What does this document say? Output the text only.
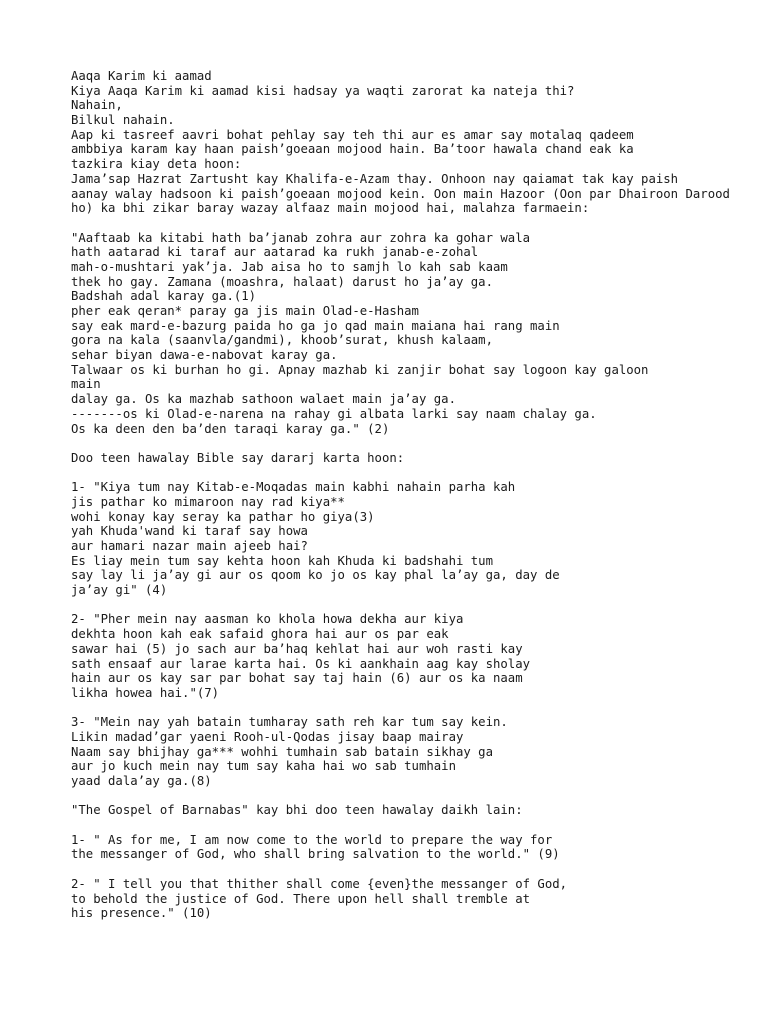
Aaqa Karim ki aamad
Kiya Aaqa Karim ki aamad kisi hadsay ya waqti zarorat ka nateja thi?
Nahain,
Bilkul nahain.
Aap ki tasreef aavri bohat pehlay say teh thi aur es amar say motalaq qadeem
ambbiya karam kay haan paish’goeaan mojood hain. Ba’toor hawala chand eak ka
tazkira kiay deta hoon:
Jama’sap Hazrat Zartusht kay Khalifa-e-Azam thay. Onhoon nay qaiamat tak kay paish
aanay walay hadsoon ki paish’goeaan mojood kein. Oon main Hazoor (Oon par Dhairoon Darood
ho) ka bhi zikar baray wazay alfaaz main mojood hai, malahza farmaein:
"Aaftaab ka kitabi hath ba’janab zohra aur zohra ka gohar wala
hath aatarad ki taraf aur aatarad ka rukh janab-e-zohal
mah-o-mushtari yak’ja. Jab aisa ho to samjh lo kah sab kaam
thek ho gay. Zamana (moashra, halaat) darust ho ja’ay ga.
Badshah adal karay ga.(1)
pher eak qeran* paray ga jis main Olad-e-Hasham
say eak mard-e-bazurg paida ho ga jo qad main maiana hai rang main
gora na kala (saanvla/gandmi), khoob’surat, khush kalaam,
sehar biyan dawa-e-nabovat karay ga.
Talwaar os ki burhan ho gi. Apnay mazhab ki zanjir bohat say logoon kay galoon
main
dalay ga. Os ka mazhab sathoon walaet main ja’ay ga.
-------os ki Olad-e-narena na rahay gi albata larki say naam chalay ga.
Os ka deen den ba’den taraqi karay ga." (2)
Doo teen hawalay Bible say dararj karta hoon:
1- "Kiya tum nay Kitab-e-Moqadas main kabhi nahain parha kah
jis pathar ko mimaroon nay rad kiya**
wohi konay kay seray ka pathar ho giya(3)
yah Khuda'wand ki taraf say howa
aur hamari nazar main ajeeb hai?
Es liay mein tum say kehta hoon kah Khuda ki badshahi tum
say lay li ja’ay gi aur os qoom ko jo os kay phal la’ay ga, day de
ja’ay gi" (4)
2- "Pher mein nay aasman ko khola howa dekha aur kiya
dekhta hoon kah eak safaid ghora hai aur os par eak
sawar hai (5) jo sach aur ba’haq kehlat hai aur woh rasti kay
sath ensaaf aur larae karta hai. Os ki aankhain aag kay sholay
hain aur os kay sar par bohat say taj hain (6) aur os ka naam
likha howea hai."(7)
3- "Mein nay yah batain tumharay sath reh kar tum say kein.
Likin madad’gar yaeni Rooh-ul-Qodas jisay baap mairay
Naam say bhijhay ga*** wohhi tumhain sab batain sikhay ga
aur jo kuch mein nay tum say kaha hai wo sab tumhain
yaad dala’ay ga.(8)
"The Gospel of Barnabas" kay bhi doo teen hawalay daikh lain:
1- " As for me, I am now come to the world to prepare the way for
the messanger of God, who shall bring salvation to the world." (9)
2- " I tell you that thither shall come {even}the messanger of God,
to behold the justice of God. There upon hell shall tremble at
his presence." (10)
